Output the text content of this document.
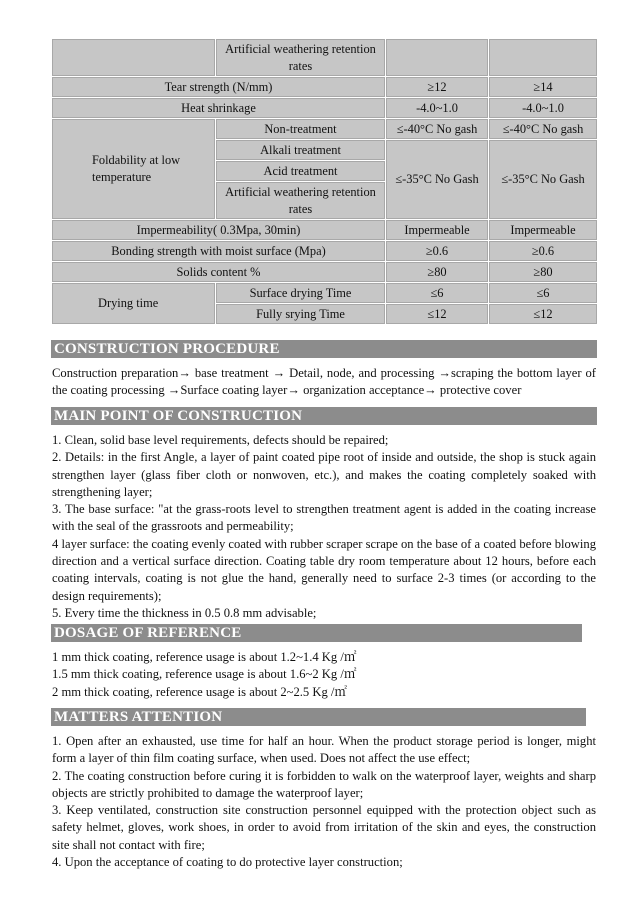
	Artificial weathering retention rates		
Tear strength (N/mm)		≥12	≥14
Heat shrinkage		-4.0~1.0	-4.0~1.0
Foldability at low temperature	Non-treatment	≤-40°C No gash	≤-40°C No gash
	Alkali treatment	≤-35°C No Gash	≤-35°C No Gash
	Acid treatment		
	Artificial weathering retention rates		
Impermeability( 0.3Mpa, 30min)		Impermeable	Impermeable
Bonding strength with moist surface (Mpa)		≥0.6	≥0.6
Solids content %		≥80	≥80
Drying time	Surface drying Time	≤6	≤6
	Fully srying Time	≤12	≤12
CONSTRUCTION PROCEDURE

Construction preparation→ base treatment → Detail, node, and processing →scraping the bottom layer of the coating processing →Surface coating layer→ organization acceptance→ protective cover

MAIN POINT OF CONSTRUCTION

1. Clean, solid base level requirements, defects should be repaired;

2. Details: in the first Angle, a layer of paint coated pipe root of inside and outside, the shop is stuck again strengthen layer (glass fiber cloth or nonwoven, etc.), and makes the coating completely soaked with strengthening layer;

3. The base surface: "at the grass-roots level to strengthen treatment agent is added in the coating increase with the seal of the grassroots and permeability;

4 layer surface: the coating evenly coated with rubber scraper scrape on the base of a coated before blowing direction and a vertical surface direction. Coating table dry room temperature about 12 hours, before each coating intervals, coating is not glue the hand, generally need to surface 2-3 times (or according to the design requirements);

5. Every time the thickness in 0.5 0.8 mm advisable;

DOSAGE OF REFERENCE

1 mm thick coating, reference usage is about 1.2~1.4 Kg /㎡

1.5 mm thick coating, reference usage is about 1.6~2 Kg /㎡

2 mm thick coating, reference usage is about 2~2.5 Kg /㎡

MATTERS ATTENTION

1. Open after an exhausted, use time for half an hour. When the product storage period is longer, might form a layer of thin film coating surface, when used. Does not affect the use effect;

2. The coating construction before curing it is forbidden to walk on the waterproof layer, weights and sharp objects are strictly prohibited to damage the waterproof layer;

3. Keep ventilated, construction site construction personnel equipped with the protection object such as safety helmet, gloves, work shoes, in order to avoid from irritation of the skin and eyes, the construction site shall not contact with fire;

4. Upon the acceptance of coating to do protective layer construction;
